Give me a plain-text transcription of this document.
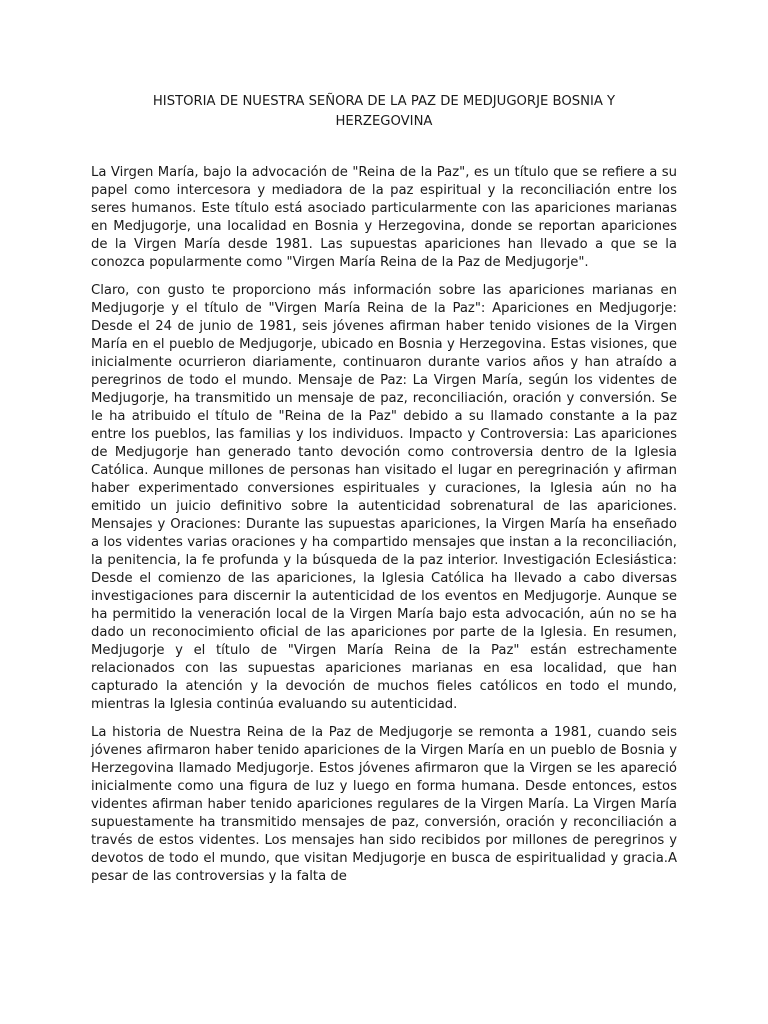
HISTORIA DE NUESTRA SEÑORA DE LA PAZ DE MEDJUGORJE BOSNIA Y HERZEGOVINA

La Virgen María, bajo la advocación de "Reina de la Paz", es un título que se refiere a su papel como intercesora y mediadora de la paz espiritual y la reconciliación entre los seres humanos. Este título está asociado particularmente con las apariciones marianas en Medjugorje, una localidad en Bosnia y Herzegovina, donde se reportan apariciones de la Virgen María desde 1981. Las supuestas apariciones han llevado a que se la conozca popularmente como "Virgen María Reina de la Paz de Medjugorje".

Claro, con gusto te proporciono más información sobre las apariciones marianas en Medjugorje y el título de "Virgen María Reina de la Paz": Apariciones en Medjugorje: Desde el 24 de junio de 1981, seis jóvenes afirman haber tenido visiones de la Virgen María en el pueblo de Medjugorje, ubicado en Bosnia y Herzegovina. Estas visiones, que inicialmente ocurrieron diariamente, continuaron durante varios años y han atraído a peregrinos de todo el mundo. Mensaje de Paz: La Virgen María, según los videntes de Medjugorje, ha transmitido un mensaje de paz, reconciliación, oración y conversión. Se le ha atribuido el título de "Reina de la Paz" debido a su llamado constante a la paz entre los pueblos, las familias y los individuos. Impacto y Controversia: Las apariciones de Medjugorje han generado tanto devoción como controversia dentro de la Iglesia Católica. Aunque millones de personas han visitado el lugar en peregrinación y afirman haber experimentado conversiones espirituales y curaciones, la Iglesia aún no ha emitido un juicio definitivo sobre la autenticidad sobrenatural de las apariciones. Mensajes y Oraciones: Durante las supuestas apariciones, la Virgen María ha enseñado a los videntes varias oraciones y ha compartido mensajes que instan a la reconciliación, la penitencia, la fe profunda y la búsqueda de la paz interior. Investigación Eclesiástica: Desde el comienzo de las apariciones, la Iglesia Católica ha llevado a cabo diversas investigaciones para discernir la autenticidad de los eventos en Medjugorje. Aunque se ha permitido la veneración local de la Virgen María bajo esta advocación, aún no se ha dado un reconocimiento oficial de las apariciones por parte de la Iglesia. En resumen, Medjugorje y el título de "Virgen María Reina de la Paz" están estrechamente relacionados con las supuestas apariciones marianas en esa localidad, que han capturado la atención y la devoción de muchos fieles católicos en todo el mundo, mientras la Iglesia continúa evaluando su autenticidad.

La historia de Nuestra Reina de la Paz de Medjugorje se remonta a 1981, cuando seis jóvenes afirmaron haber tenido apariciones de la Virgen María en un pueblo de Bosnia y Herzegovina llamado Medjugorje. Estos jóvenes afirmaron que la Virgen se les apareció inicialmente como una figura de luz y luego en forma humana. Desde entonces, estos videntes afirman haber tenido apariciones regulares de la Virgen María. La Virgen María supuestamente ha transmitido mensajes de paz, conversión, oración y reconciliación a través de estos videntes. Los mensajes han sido recibidos por millones de peregrinos y devotos de todo el mundo, que visitan Medjugorje en busca de espiritualidad y gracia.A pesar de las controversias y la falta de
